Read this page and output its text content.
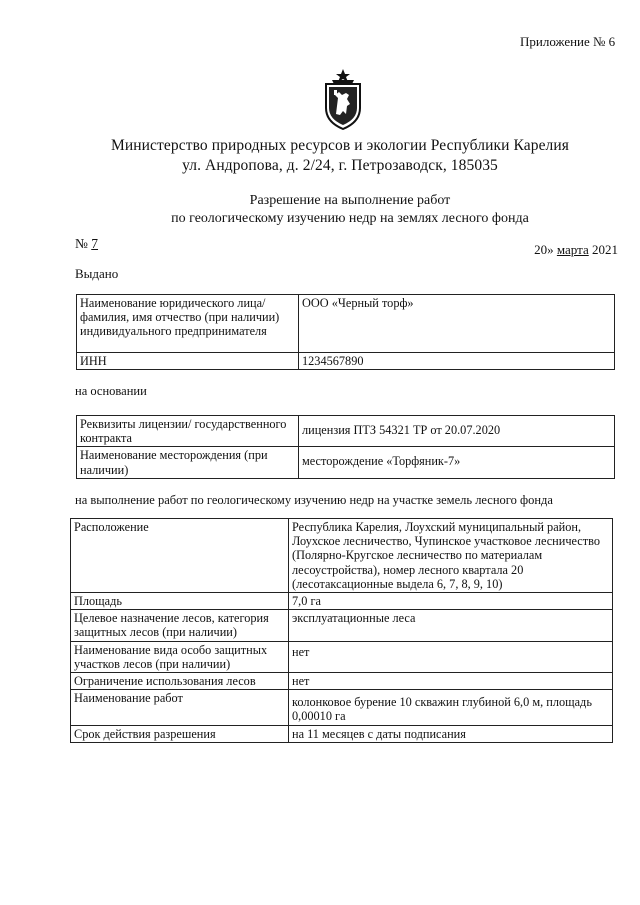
Приложение № 6
Министерство природных ресурсов и экологии Республики Карелия
ул. Андропова, д. 2/24, г. Петрозаводск, 185035
Разрешение на выполнение работ
по геологическому изучению недр на землях лесного фонда
№ 7	20» марта 2021
Выдано
Наименование юридического лица/ фамилия, имя отчество (при наличии) индивидуального предпринимателя	ООО «Черный торф»
ИНН	1234567890
на основании
Реквизиты лицензии/ государственного контракта	лицензия ПТЗ 54321 ТР от 20.07.2020
Наименование месторождения (при наличии)	месторождение «Торфяник-7»
на выполнение работ по геологическому изучению недр на участке земель лесного фонда
Расположение	Республика Карелия, Лоухский муниципальный район, Лоухское лесничество, Чупинское участковое лесничество (Полярно-Кругское лесничество по материалам лесоустройства), номер лесного квартала 20 (лесотаксационные выдела 6, 7, 8, 9, 10)
Площадь	7,0 га
Целевое назначение лесов, категория защитных лесов (при наличии)	эксплуатационные леса
Наименование вида особо защитных участков лесов (при наличии)	нет
Ограничение использования лесов	нет
Наименование работ	колонковое бурение 10 скважин глубиной 6,0 м, площадь 0,00010 га
Срок действия разрешения	на 11 месяцев с даты подписания
